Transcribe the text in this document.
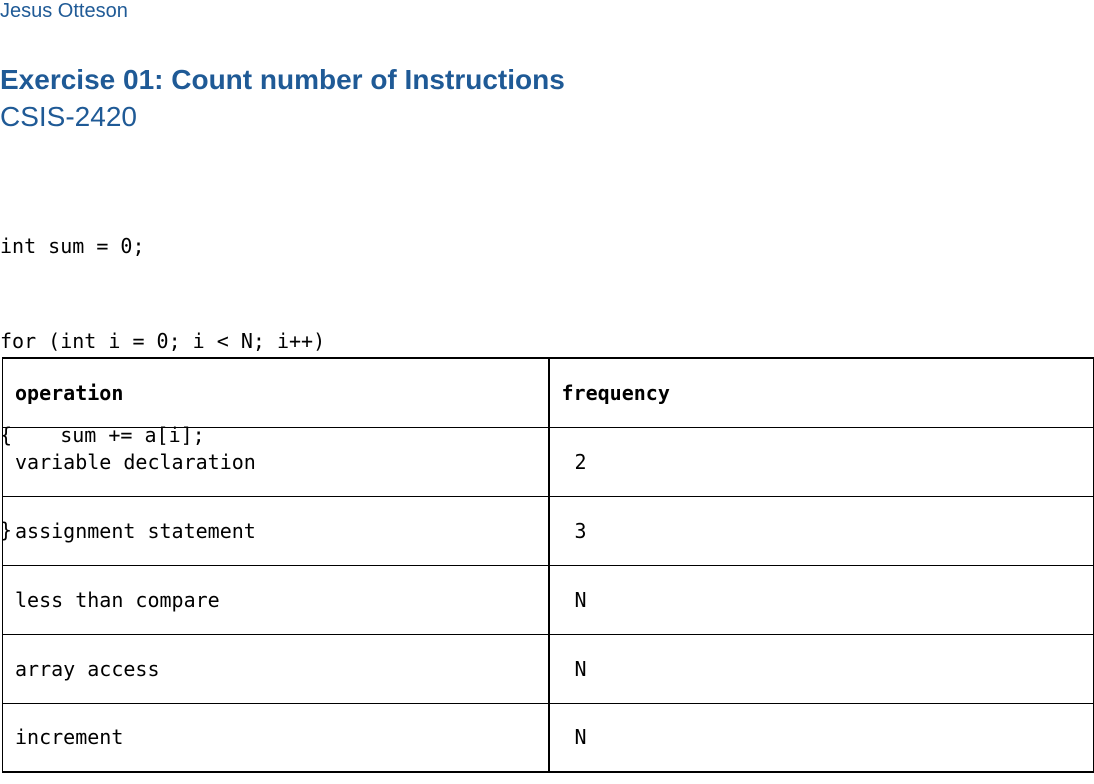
Jesus Otteson
Exercise 01: Count number of Instructions
CSIS-2420

int sum = 0;

for (int i = 0; i < N; i++)

{    sum += a[i];

}

operation	frequency
variable declaration	2
assignment statement	3
less than compare	N
array access	N
increment	N
